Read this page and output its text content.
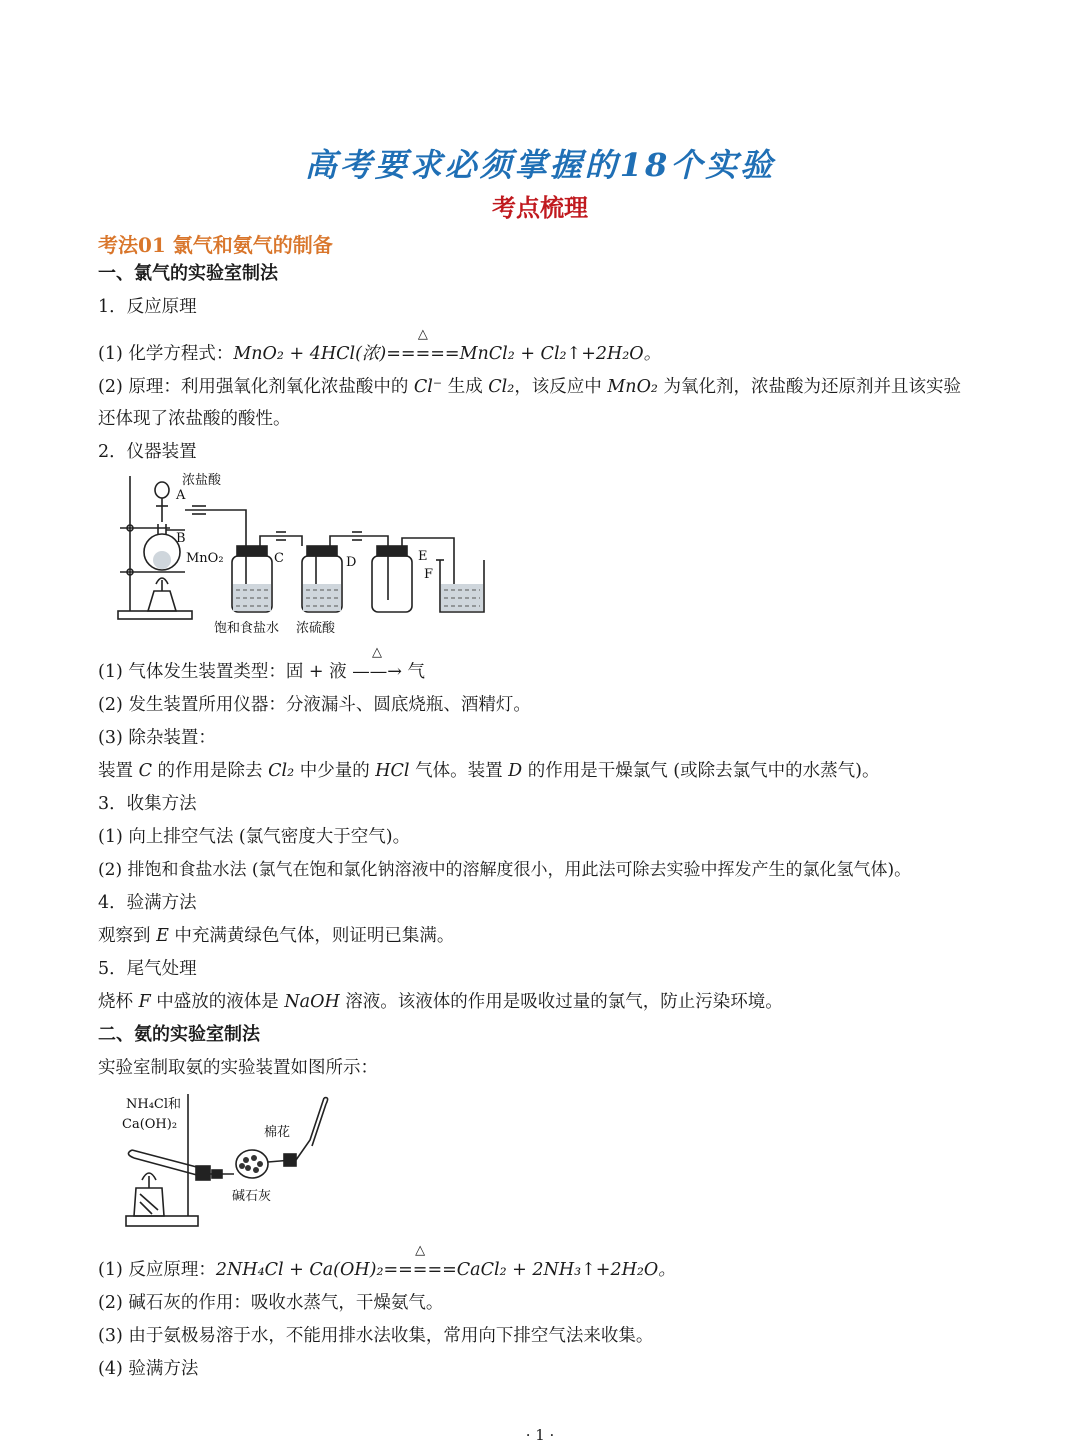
高考要求必须掌握的18个实验
考点梳理
考法01 氯气和氨气的制备
一、氯气的实验室制法
1．反应原理
(1) 化学方程式：MnO₂ + 4HCl(浓)
△
=====MnCl₂ + Cl₂↑+2H₂O。
(2) 原理：利用强氧化剂氧化浓盐酸中的 Cl⁻ 生成 Cl₂，该反应中 MnO₂ 为氧化剂，浓盐酸为还原剂并且该实验
还体现了浓盐酸的酸性。
2．仪器装置
浓盐酸
A
B
MnO₂	C	D	E
F
饱和食盐水 浓硫酸
(1) 气体发生装置类型：固 + 液
△
——→ 气
(2) 发生装置所用仪器：分液漏斗、圆底烧瓶、酒精灯。
(3) 除杂装置：
装置 C 的作用是除去 Cl₂ 中少量的 HCl 气体。装置 D 的作用是干燥氯气 (或除去氯气中的水蒸气)。
3．收集方法
(1) 向上排空气法 (氯气密度大于空气)。
(2) 排饱和食盐水法 (氯气在饱和氯化钠溶液中的溶解度很小，用此法可除去实验中挥发产生的氯化氢气体)。
4．验满方法
观察到 E 中充满黄绿色气体，则证明已集满。
5．尾气处理
烧杯 F 中盛放的液体是 NaOH 溶液。该液体的作用是吸收过量的氯气，防止污染环境。
二、氨的实验室制法
实验室制取氨的实验装置如图所示：
NH₄Cl和
Ca(OH)₂
棉花
碱石灰
(1) 反应原理：2NH₄Cl + Ca(OH)₂
△
=====CaCl₂ + 2NH₃↑+2H₂O。
(2) 碱石灰的作用：吸收水蒸气，干燥氨气。
(3) 由于氨极易溶于水，不能用排水法收集，常用向下排空气法来收集。
(4) 验满方法
· 1 ·
